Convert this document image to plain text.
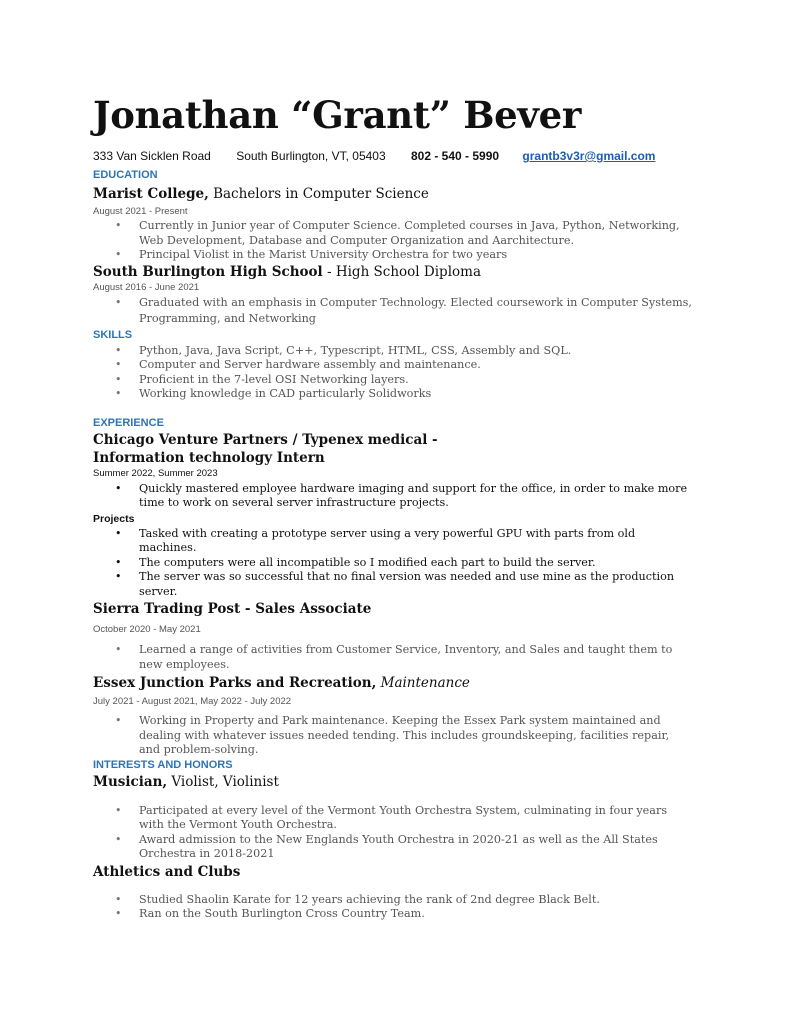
Jonathan “Grant” Bever
333 Van Sicklen Road South Burlington, VT, 05403 802 - 540 - 5990 grantb3v3r@gmail.com
EDUCATION
Marist College, Bachelors in Computer Science
August 2021 - Present
• Currently in Junior year of Computer Science. Completed courses in Java, Python, Networking, Web Development, Database and Computer Organization and Aarchitecture.
• Principal Violist in the Marist University Orchestra for two years
South Burlington High School - High School Diploma
August 2016 - June 2021
• Graduated with an emphasis in Computer Technology. Elected coursework in Computer Systems, Programming, and Networking
SKILLS
• Python, Java, Java Script, C++, Typescript, HTML, CSS, Assembly and SQL.
• Computer and Server hardware assembly and maintenance.
• Proficient in the 7-level OSI Networking layers.
• Working knowledge in CAD particularly Solidworks
EXPERIENCE
Chicago Venture Partners / Typenex medical -
Information technology Intern
Summer 2022, Summer 2023
• Quickly mastered employee hardware imaging and support for the office, in order to make more time to work on several server infrastructure projects.
Projects
• Tasked with creating a prototype server using a very powerful GPU with parts from old machines.
• The computers were all incompatible so I modified each part to build the server.
• The server was so successful that no final version was needed and use mine as the production server.
Sierra Trading Post - Sales Associate
October 2020 - May 2021
• Learned a range of activities from Customer Service, Inventory, and Sales and taught them to new employees.
Essex Junction Parks and Recreation, Maintenance
July 2021 - August 2021, May 2022 - July 2022
• Working in Property and Park maintenance. Keeping the Essex Park system maintained and dealing with whatever issues needed tending. This includes groundskeeping, facilities repair, and problem-solving.
INTERESTS AND HONORS
Musician, Violist, Violinist
• Participated at every level of the Vermont Youth Orchestra System, culminating in four years with the Vermont Youth Orchestra.
• Award admission to the New Englands Youth Orchestra in 2020-21 as well as the All States Orchestra in 2018-2021
Athletics and Clubs
• Studied Shaolin Karate for 12 years achieving the rank of 2nd degree Black Belt.
• Ran on the South Burlington Cross Country Team.
